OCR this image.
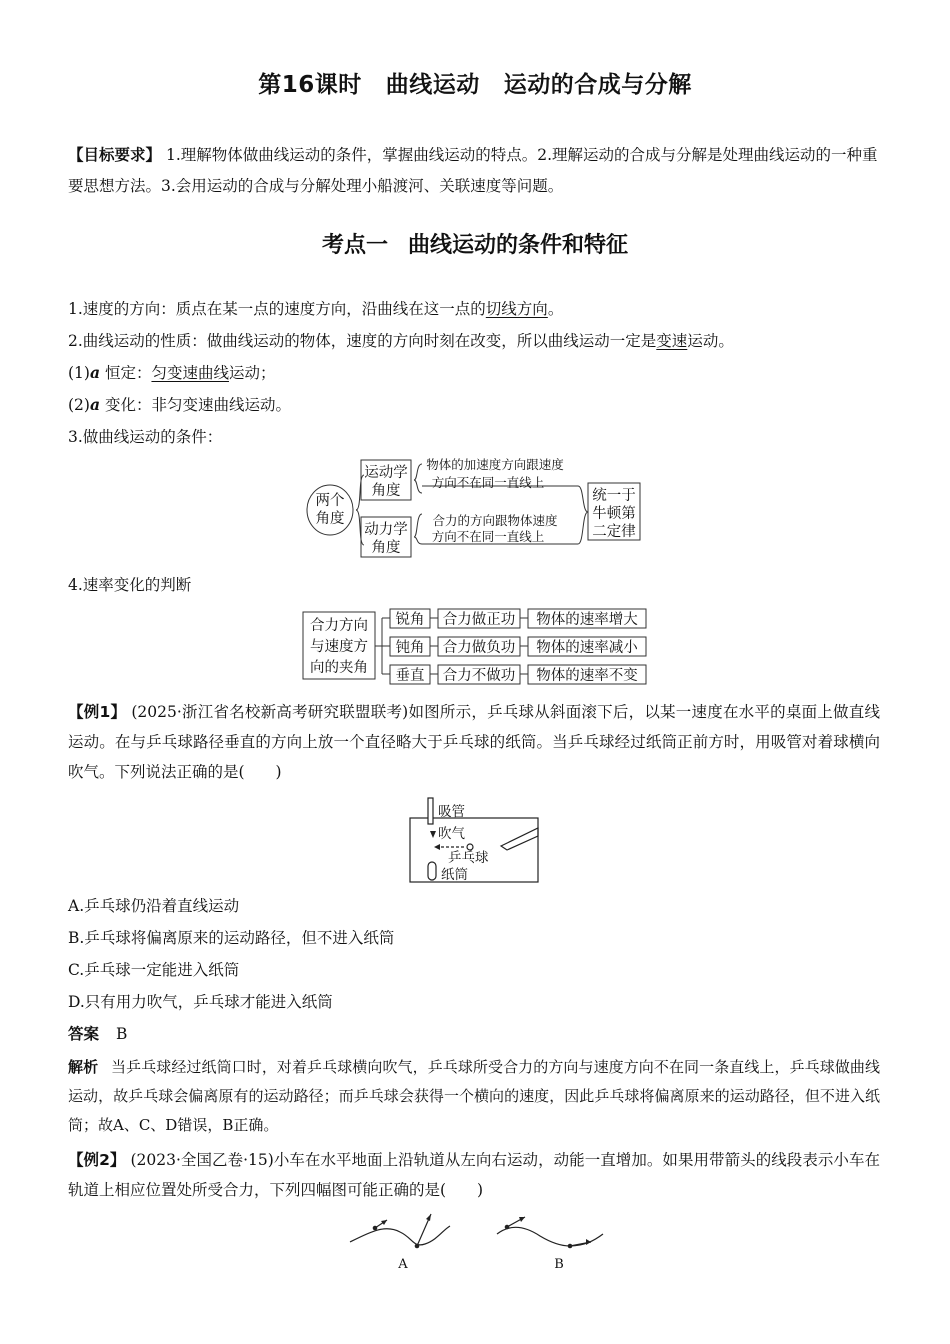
第16课时 曲线运动 运动的合成与分解
【目标要求】 1.理解物体做曲线运动的条件，掌握曲线运动的特点。2.理解运动的合成与分解是处理曲线运动的一种重要思想方法。3.会用运动的合成与分解处理小船渡河、关联速度等问题。
考点一 曲线运动的条件和特征
1.速度的方向：质点在某一点的速度方向，沿曲线在这一点的切线方向。
2.曲线运动的性质：做曲线运动的物体，速度的方向时刻在改变，所以曲线运动一定是变速运动。
(1)a 恒定：匀变速曲线运动；
(2)a 变化：非匀变速曲线运动。
3.做曲线运动的条件：
两个
角度
运动学
角度
动力学
角度
统一于
牛顿第
二定律
物体的加速度方向跟速度
方向不在同一直线上
合力的方向跟物体速度
方向不在同一直线上
4.速率变化的判断
合力方向
与速度方
向的夹角
锐角
钝角
垂直
合力做正功
合力做负功
合力不做功
物体的速率增大
物体的速率减小
物体的速率不变
【例1】 (2025·浙江省名校新高考研究联盟联考)如图所示，乒乓球从斜面滚下后，以某一速度在水平的桌面上做直线运动。在与乒乓球路径垂直的方向上放一个直径略大于乒乓球的纸筒。当乒乓球经过纸筒正前方时，用吸管对着球横向吹气。下列说法正确的是(　　)
吸管
吹气
乒乓球
纸筒
A.乒乓球仍沿着直线运动
B.乒乓球将偏离原来的运动路径，但不进入纸筒
C.乒乓球一定能进入纸筒
D.只有用力吹气，乒乓球才能进入纸筒
答案 B
解析 当乒乓球经过纸筒口时，对着乒乓球横向吹气，乒乓球所受合力的方向与速度方向不在同一条直线上，乒乓球做曲线运动，故乒乓球会偏离原有的运动路径；而乒乓球会获得一个横向的速度，因此乒乓球将偏离原来的运动路径，但不进入纸筒；故A、C、D错误，B正确。
【例2】 (2023·全国乙卷·15)小车在水平地面上沿轨道从左向右运动，动能一直增加。如果用带箭头的线段表示小车在轨道上相应位置处所受合力，下列四幅图可能正确的是(　　)
A	B
